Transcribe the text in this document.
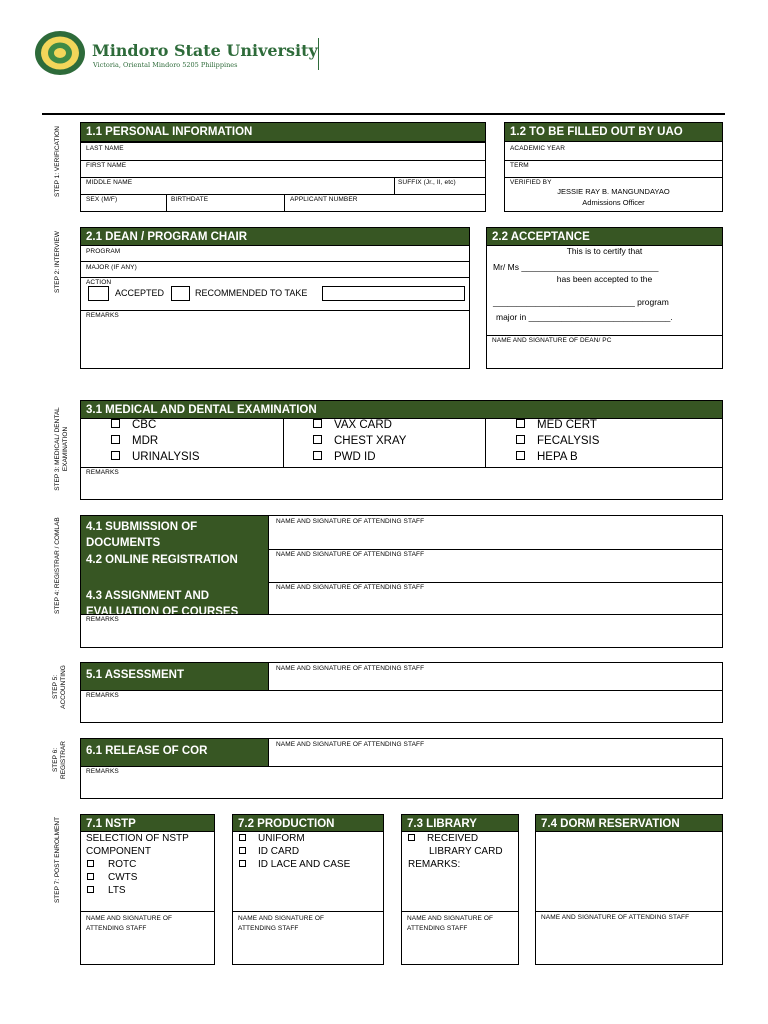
Mindoro State University
Victoria, Oriental Mindoro 5205 Philippines
STEP 1: VERIFICATION
STEP 2: INTERVIEW
STEP 3: MEDICAL/ DENTAL
EXAMINATION
STEP 4: REGISTRAR / COMLAB
STEP 5:
ACCOUNTING
STEP 6:
REGISTRAR
STEP 7: POST ENROLMENT
1.1 PERSONAL INFORMATION
LAST NAME
FIRST NAME
MIDDLE NAME	SUFFIX (Jr., II, etc)
SEX (M/F)	BIRTHDATE	APPLICANT NUMBER
1.2 TO BE FILLED OUT BY UAO
ACADEMIC YEAR
TERM
VERIFIED BY
JESSIE RAY B. MANGUNDAYAO
Admissions Officer
2.1 DEAN / PROGRAM CHAIR
PROGRAM
MAJOR (IF ANY)
ACTION
ACCEPTED	RECOMMENDED TO TAKE
REMARKS
2.2 ACCEPTANCE
This is to certify that
Mr/ Ms _____________________________
has been accepted to the
______________________________ program
major in ______________________________.
NAME AND SIGNATURE OF DEAN/ PC
3.1 MEDICAL AND DENTAL EXAMINATION
CBC
MDR
URINALYSIS
VAX CARD
CHEST XRAY
PWD ID
MED CERT
FECALYSIS
HEPA B
REMARKS
4.1 SUBMISSION OF DOCUMENTS
4.2 ONLINE REGISTRATION
4.3 ASSIGNMENT AND EVALUATION OF COURSES
NAME AND SIGNATURE OF ATTENDING STAFF
NAME AND SIGNATURE OF ATTENDING STAFF
NAME AND SIGNATURE OF ATTENDING STAFF
REMARKS
5.1 ASSESSMENT
NAME AND SIGNATURE OF ATTENDING STAFF
REMARKS
6.1 RELEASE OF COR
NAME AND SIGNATURE OF ATTENDING STAFF
REMARKS
7.1 NSTP
SELECTION OF NSTP
COMPONENT
ROTC
CWTS
LTS
NAME AND SIGNATURE OF
ATTENDING STAFF
7.2 PRODUCTION
UNIFORM
ID CARD
ID LACE AND CASE
NAME AND SIGNATURE OF
ATTENDING STAFF
7.3 LIBRARY
RECEIVED
LIBRARY CARD
REMARKS:
NAME AND SIGNATURE OF
ATTENDING STAFF
7.4 DORM RESERVATION
NAME AND SIGNATURE OF ATTENDING STAFF
